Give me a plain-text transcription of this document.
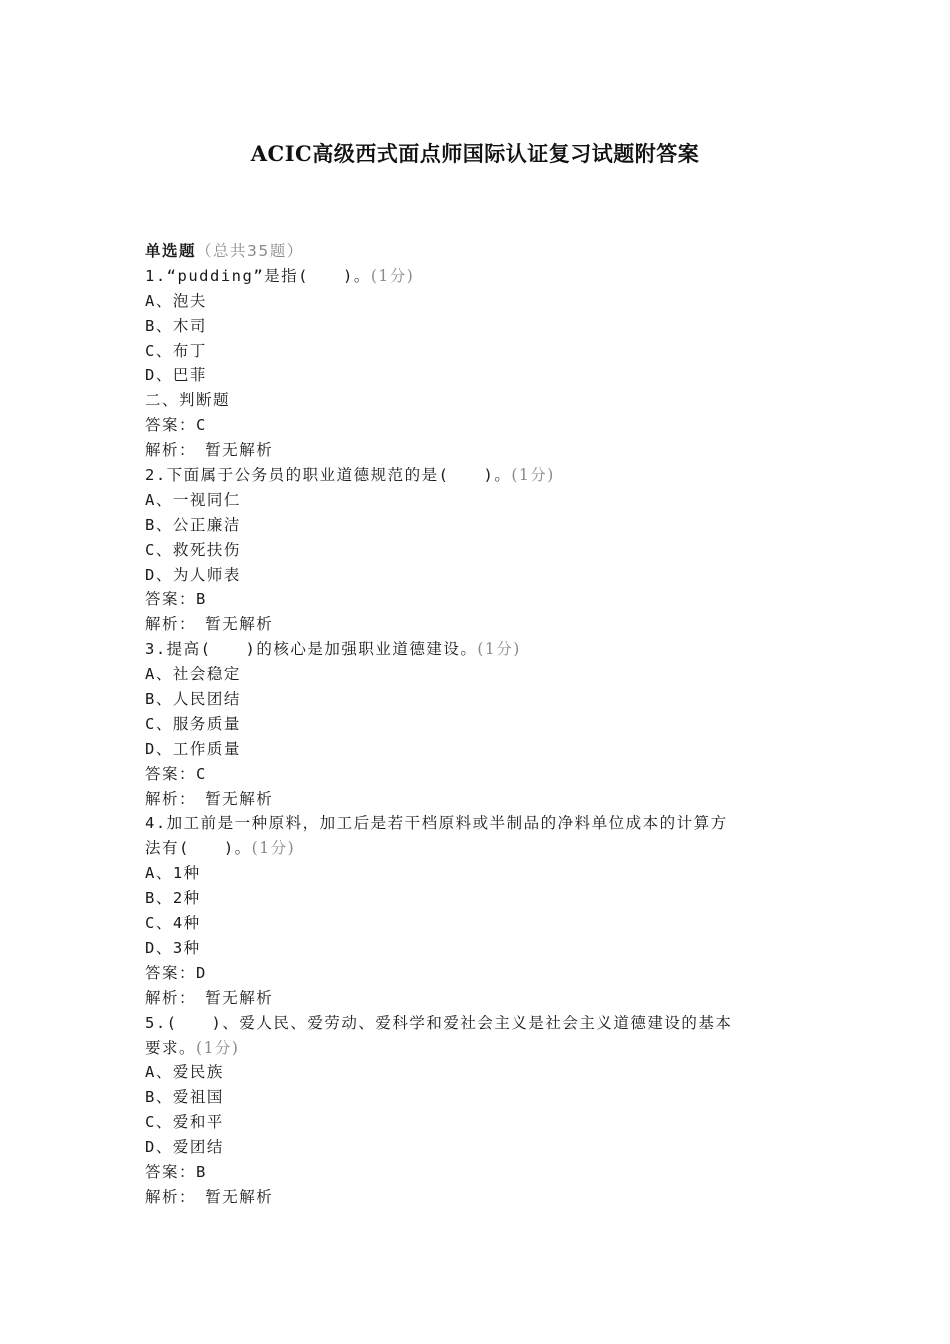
ACIC高级西式面点师国际认证复习试题附答案
单选题（总共35题）
1.“pudding”是指(　　)。(1分)
A、泡夫
B、木司
C、布丁
D、巴菲
二、判断题
答案：C
解析：　暂无解析
2.下面属于公务员的职业道德规范的是(　　)。(1分)
A、一视同仁
B、公正廉洁
C、救死扶伤
D、为人师表
答案：B
解析：　暂无解析
3.提高(　　)的核心是加强职业道德建设。(1分)
A、社会稳定
B、人民团结
C、服务质量
D、工作质量
答案：C
解析：　暂无解析
4.加工前是一种原料，加工后是若干档原料或半制品的净料单位成本的计算方
法有(　　)。(1分)
A、1种
B、2种
C、4种
D、3种
答案：D
解析：　暂无解析
5.(　　)、爱人民、爱劳动、爱科学和爱社会主义是社会主义道德建设的基本
要求。(1分)
A、爱民族
B、爱祖国
C、爱和平
D、爱团结
答案：B
解析：　暂无解析
